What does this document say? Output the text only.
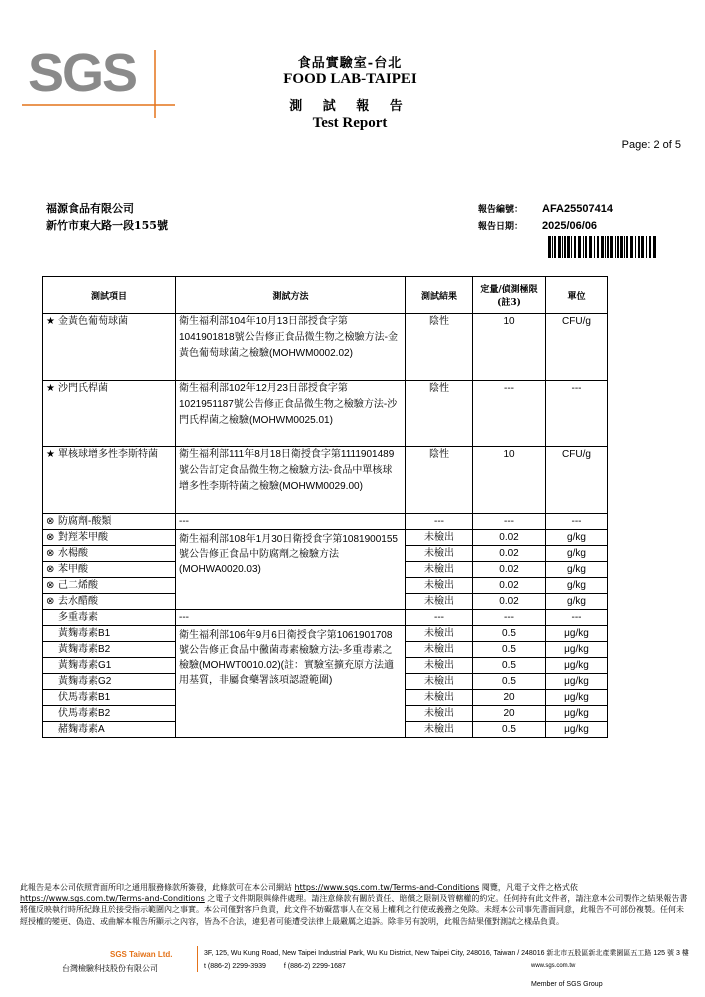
SGS	食品實驗室-台北
FOOD LAB-TAIPEI
測 試 報 告
Test Report
Page: 2 of 5
福源食品有限公司
新竹市東大路一段155號
報告編號： AFA25507414
報告日期： 2025/06/06
測試項目	測試方法	測試結果	定量/偵測極限(註3)	單位
★ 金黃色葡萄球菌	衛生福利部104年10月13日部授食字第1041901818號公告修正食品微生物之檢驗方法-金黃色葡萄球菌之檢驗(MOHWM0002.02)	陰性	10	CFU/g
★ 沙門氏桿菌	衛生福利部102年12月23日部授食字第1021951187號公告修正食品微生物之檢驗方法-沙門氏桿菌之檢驗(MOHWM0025.01)	陰性	---	---
★ 單核球增多性李斯特菌	衛生福利部111年8月18日衛授食字第1111901489號公告訂定食品微生物之檢驗方法-食品中單核球增多性李斯特菌之檢驗(MOHWM0029.00)	陰性	10	CFU/g
⊗ 防腐劑-酸類	---	---	---	---
⊗ 對羥苯甲酸	衛生福利部108年1月30日衛授食字第1081900155號公告修正食品中防腐劑之檢驗方法(MOHWA0020.03)	未檢出	0.02	g/kg
⊗ 水楊酸		未檢出	0.02	g/kg
⊗ 苯甲酸		未檢出	0.02	g/kg
⊗ 己二烯酸		未檢出	0.02	g/kg
⊗ 去水醋酸		未檢出	0.02	g/kg
多重毒素	---	---	---	---
黃麴毒素B1	衛生福利部106年9月6日衛授食字第1061901708號公告修正食品中黴菌毒素檢驗方法-多重毒素之檢驗(MOHWT0010.02)(註：實驗室擴充原方法適用基質，非屬食藥署該項認證範圍)	未檢出	0.5	μg/kg
黃麴毒素B2		未檢出	0.5	μg/kg
黃麴毒素G1		未檢出	0.5	μg/kg
黃麴毒素G2		未檢出	0.5	μg/kg
伏馬毒素B1		未檢出	20	μg/kg
伏馬毒素B2		未檢出	20	μg/kg
赭麴毒素A		未檢出	0.5	μg/kg
此報告是本公司依照背面所印之通用服務條款所簽發，此條款可在本公司網站 https://www.sgs.com.tw/Terms-and-Conditions 閱覽，凡電子文件之格式依 https://www.sgs.com.tw/Terms-and-Conditions 之電子文件期限與條件處理。請注意條款有關於責任、賠償之限制及管轄權的約定。任何持有此文件者，請注意本公司製作之結果報告書將僅反映執行時所紀錄且於接受指示範圍內之事實。本公司僅對客戶負責，此文件不妨礙當事人在交易上權利之行使或義務之免除。未經本公司事先書面同意，此報告不可部份複製。任何未經授權的變更、偽造、或曲解本報告所顯示之內容，皆為不合法，違犯者可能遭受法律上最嚴厲之追訴。除非另有說明，此報告結果僅對測試之樣品負責。
SGS Taiwan Ltd.
台灣檢驗科技股份有限公司
3F, 125, Wu Kung Road, New Taipei Industrial Park, Wu Ku District, New Taipei City, 248016, Taiwan / 248016 新北市五股區新北產業園區五工路 125 號 3 樓
t (886-2) 2299-3939	f (886-2) 2299-1687	www.sgs.com.tw
Member of SGS Group
